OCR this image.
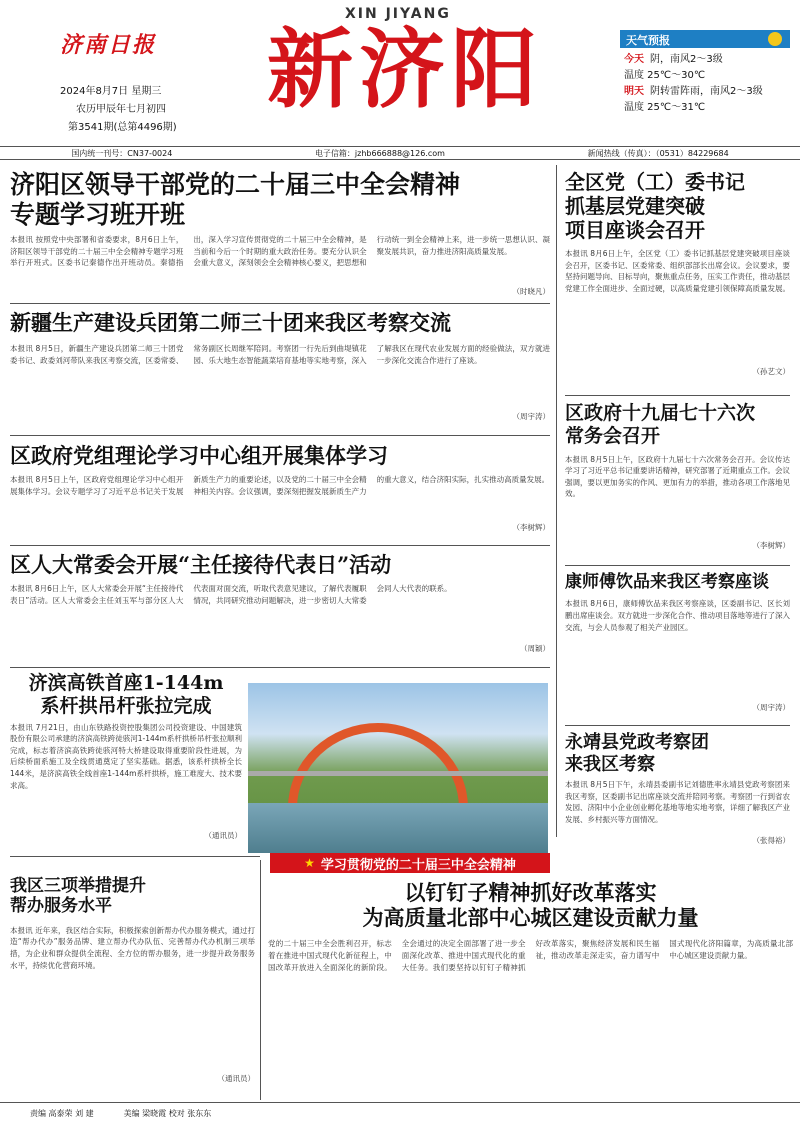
济南日报
2024年8月7日 星期三
农历甲辰年七月初四
第3541期(总第4496期)
XIN JIYANG
新济阳	天气预报
今天 阴，南风2～3级
温度 25℃～30℃
明天 阴转雷阵雨，南风2～3级
温度 25℃～31℃
国内统一刊号：CN37-0024	电子信箱：jzhb666888@126.com	新闻热线（传真）：（0531）84229684
济阳区领导干部党的二十届三中全会精神
专题学习班开班
本报讯 按照党中央部署和省委要求，8月6日上午，济阳区领导干部党的二十届三中全会精神专题学习班举行开班式。区委书记秦德作出开班动员。秦德指出，深入学习宣传贯彻党的二十届三中全会精神，是当前和今后一个时期的重大政治任务。要充分认识全会重大意义，深刻领会全会精神核心要义，把思想和行动统一到全会精神上来，进一步统一思想认识、凝聚发展共识，奋力推进济阳高质量发展。
（时晓凡）
新疆生产建设兵团第二师三十团来我区考察交流
本报讯 8月5日，新疆生产建设兵团第二师三十团党委书记、政委刘河带队来我区考察交流，区委常委、常务副区长周继军陪同。考察团一行先后到曲堤镇花园、乐大地生态智能蔬菜培育基地等实地考察，深入了解我区在现代农业发展方面的经验做法，双方就进一步深化交流合作进行了座谈。
（周宇涛）
区政府党组理论学习中心组开展集体学习
本报讯 8月5日上午，区政府党组理论学习中心组开展集体学习。会议专题学习了习近平总书记关于发展新质生产力的重要论述，以及党的二十届三中全会精神相关内容。会议强调，要深刻把握发展新质生产力的重大意义，结合济阳实际，扎实推动高质量发展。
（李树辉）
区人大常委会开展“主任接待代表日”活动
本报讯 8月6日上午，区人大常委会开展“主任接待代表日”活动。区人大常委会主任刘玉军与部分区人大代表面对面交流，听取代表意见建议，了解代表履职情况，共同研究推动问题解决，进一步密切人大常委会同人大代表的联系。
（周颖）
济滨高铁首座1-144m
系杆拱吊杆张拉完成
本报讯 7月21日，由山东铁路投资控股集团公司投资建设、中国建筑股份有限公司承建的济滨高铁跨徒骇河1-144m系杆拱桥吊杆张拉顺利完成，标志着济滨高铁跨徒骇河特大桥建设取得重要阶段性进展，为后续桥面系施工及全线贯通奠定了坚实基础。据悉，该系杆拱桥全长144米，是济滨高铁全线首座1-144m系杆拱桥，施工难度大、技术要求高。
（通讯员）
我区三项举措提升
帮办服务水平
本报讯 近年来，我区结合实际，积极探索创新帮办代办服务模式，通过打造“帮办代办”服务品牌、建立帮办代办队伍、完善帮办代办机制三项举措，为企业和群众提供全流程、全方位的帮办服务，进一步提升政务服务水平，持续优化营商环境。
（通讯员）
全区党（工）委书记
抓基层党建突破
项目座谈会召开
本报讯 8月6日上午，全区党（工）委书记抓基层党建突破项目座谈会召开，区委书记、区委常委、组织部部长出席会议。会议要求，要坚持问题导向、目标导向，聚焦重点任务，压实工作责任，推动基层党建工作全面进步、全面过硬，以高质量党建引领保障高质量发展。
（孙艺文）
区政府十九届七十六次
常务会召开
本报讯 8月5日上午，区政府十九届七十六次常务会召开。会议传达学习了习近平总书记重要讲话精神，研究部署了近期重点工作。会议强调，要以更加务实的作风、更加有力的举措，推动各项工作落地见效。
（李树辉）
康师傅饮品来我区考察座谈
本报讯 8月6日，康师傅饮品来我区考察座谈，区委副书记、区长刘鹏出席座谈会。双方就进一步深化合作、推动项目落地等进行了深入交流，与会人员参观了相关产业园区。
（周宇涛）
永靖县党政考察团
来我区考察
本报讯 8月5日下午，永靖县委副书记刘德胜率永靖县党政考察团来我区考察，区委副书记出席座谈交流并陪同考察。考察团一行到省农发园、济阳中小企业创业孵化基地等地实地考察，详细了解我区产业发展、乡村振兴等方面情况。
（张得裕）
★ 学习贯彻党的二十届三中全会精神
以钉钉子精神抓好改革落实
为高质量北部中心城区建设贡献力量
党的二十届三中全会胜利召开，标志着在推进中国式现代化新征程上，中国改革开放进入全面深化的新阶段。全会通过的决定全面部署了进一步全面深化改革、推进中国式现代化的重大任务。我们要坚持以钉钉子精神抓好改革落实，聚焦经济发展和民生福祉，推动改革走深走实，奋力谱写中国式现代化济阳篇章，为高质量北部中心城区建设贡献力量。
责编 高泰荣 刘 建	美编 梁晓霞 校对 张东东
